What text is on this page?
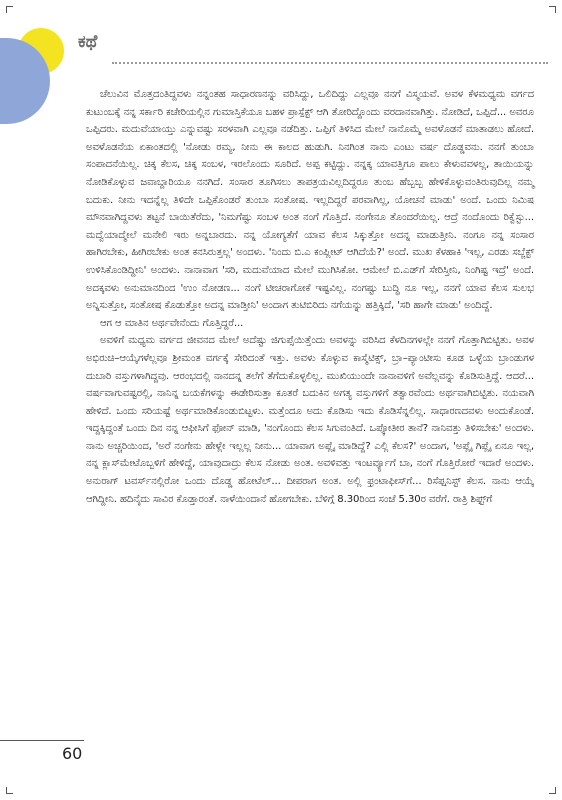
ಕಥೆ

ಚೆಲುವಿನ ಮೊತ್ತದಂತಿದ್ದವಳು ನನ್ನಂತಹ ಸಾಧಾರಣನನ್ನು ವರಿಸಿದ್ದು, ಒಲಿದಿದ್ದು ಎಲ್ಲವೂ ನನಗೆ ವಿಸ್ಮಯವೆ. ಅವಳ ಕೆಳಮಧ್ಯಮ ವರ್ಗದ ಕುಟುಂಬಕ್ಕೆ ನನ್ನ ಸರ್ಕಾರಿ ಕಚೇರಿಯಲ್ಲಿನ ಗುಮಾಸ್ತಿಕೆಯೂ ಬಹಳ ಪ್ರಾಸ್ಪೆಕ್ಟ್ ಆಗಿ ತೋರಿದ್ದೊಂದು ವರದಾನವಾಗಿತ್ತು. ನೋಡಿದೆ, ಒಪ್ಪಿದೆ... ಅವರೂ ಒಪ್ಪಿದರು. ಮದುವೆಯಾಯ್ತು ಎನ್ನುವಷ್ಟು ಸರಳವಾಗಿ ಎಲ್ಲವೂ ನಡೆದಿತ್ತು. ಒಪ್ಪಿಗೆ ತಿಳಿಸಿದ ಮೇಲೆ ನಾನೊಮ್ಮೆ ಅವಳೊಡನೆ ಮಾತಾಡಲು ಹೋದೆ. ಅವಳೊಡನೆಯ ಏಕಾಂತದಲ್ಲಿ 'ನೋಡು ರಮ್ಯ, ನೀನು ಈ ಕಾಲದ ಹುಡುಗಿ. ನಿನಗಿಂತ ನಾನು ಎಂಟು ವರ್ಷ ದೊಡ್ಡವನು. ನನಗೆ ತುಂಬಾ ಸಂಪಾದನೆಯಿಲ್ಲ. ಚಿಕ್ಕ ಕೆಲಸ, ಚಿಕ್ಕ ಸಂಬಳ, ಇರಲೊಂದು ಸೂರಿದೆ. ಅಪ್ಪ ಕಟ್ಟಿದ್ದು. ನನ್ನಕ್ಕ ಯಾವತ್ತಿಗೂ ಪಾಲು ಕೇಳುವವಳಲ್ಲ, ತಾಯಿಯನ್ನು ನೋಡಿಕೊಳ್ಳುವ ಜವಾಬ್ದಾರಿಯೂ ನನಗಿದೆ. ಸಂಸಾರ ತೂಗಿಸಲು ತಾಪತ್ರಯವಿಲ್ಲದಿದ್ದರೂ ತುಂಬ ಹೆಬ್ಬಬ್ಬ ಹೇಳಿಕೊಳ್ಳುವಂತಿರುವುದಿಲ್ಲ ನಮ್ಮ ಬದುಕು. ನೀನು ಇದನ್ನೆಲ್ಲ ತಿಳಿದೇ ಒಪ್ಪಿಕೊಂಡರೆ ತುಂಬಾ ಸಂತೋಷ. ಇಲ್ಲದಿದ್ದರೆ ಪರವಾಗಿಲ್ಲ, ಯೋಚನೆ ಮಾಡು' ಅಂದೆ. ಒಂದು ನಿಮಿಷ ಮೌನವಾಗಿದ್ದವಳು ತಟ್ಟನೆ ಬಾಯಿತೆರೆದು, 'ನಿಮಗೆಷ್ಟು ಸಂಬಳ ಅಂತ ನಂಗೆ ಗೊತ್ತಿದೆ. ನಂಗೇನೂ ತೊಂದರೆಯಿಲ್ಲ. ಆದ್ರೆ ನಂದೊಂದು ರಿಕ್ವೆಸ್ಟು... ಮದ್ವೆಯಾದ್ಮೇಲೆ ಮನೇಲಿ ಇರು ಅನ್ನಬಾರದು. ನನ್ನ ಯೋಗ್ಯತೆಗೆ ಯಾವ ಕೆಲಸ ಸಿಕ್ಕುತ್ತೋ ಅದನ್ನ ಮಾಡುತ್ತೀನಿ. ನಂಗೂ ನನ್ನ ಸಂಸಾರ ಹಾಗಿರಬೇಕು, ಹೀಗಿರಬೇಕು ಅಂತ ಕನಸಿರುತ್ತಲ್ಲ' ಅಂದಳು. 'ನಿಂದು ಬಿ.ಎ ಕಂಪ್ಲೀಟ್ ಆಗಿದೆಯೆ?' ಅಂದೆ. ಮುಖ ಕೆಳಹಾಕಿ 'ಇಲ್ಲ, ಎರಡು ಸಬ್ಜೆಕ್ಟ್ ಉಳಿಸಿಕೊಂಡಿದ್ದೀನಿ' ಅಂದಳು. ನಾನಾವಾಗ 'ಸರಿ, ಮದುವೆಯಾದ ಮೇಲೆ ಮುಗಿಸಿಕೋ. ಆಮೇಲೆ ಬಿ.ಎಡ್‌ಗೆ ಸೇರಿಸ್ತೀನಿ, ನಿಂಗಿಷ್ಟ ಇದ್ರೆ' ಅಂದೆ. ಅದಕ್ಕವಳು ಅನುಮಾನದಿಂದ 'ಉಂ ನೋಡಣ... ನಂಗೆ ಟೀಚರಾಗೋಕೆ ಇಷ್ಟವಿಲ್ಲ. ನಂಗಷ್ಟು ಬುದ್ಧಿ ನೂ ಇಲ್ಲ, ನನಗೆ ಯಾವ ಕೆಲಸ ಸುಲಭ ಅನ್ನಿಸುತ್ತೋ, ಸಂತೋಷ ಕೊಡುತ್ತೋ ಅದನ್ನ ಮಾಡ್ತೀನಿ' ಅಂದಾಗ ತುಟಿಬಿರಿದು ನಗೆಯನ್ನು ಹತ್ತಿಕ್ಕಿದೆ, 'ಸರಿ ಹಾಗೇ ಮಾಡು' ಅಂದಿದ್ದೆ.

ಆಗ ಆ ಮಾತಿನ ಅರ್ಥವೇನೆಂದು ಗೊತ್ತಿದ್ದರೆ...

ಅವಳಿಗೆ ಮಧ್ಯಮ ವರ್ಗದ ಜೀವನದ ಮೇಲೆ ಅದೆಷ್ಟು ಜಿಗುಪ್ಸೆಯಿತ್ತೆಂದು ಅವಳನ್ನು ವರಿಸಿದ ಕೆಳದಿನಗಳಲ್ಲೇ ನನಗೆ ಗೊತ್ತಾಗಿಬಿಟ್ಟಿತು. ಅವಳ ಅಭಿರುಚಿ–ಆಯ್ಕೆಗಳೆಲ್ಲವೂ ಶ್ರೀಮಂತ ವರ್ಗಕ್ಕೆ ಸೇರಿದಂತೆ ಇತ್ತು. ಅವಳು ಕೊಳ್ಳುವ ಕಾಸ್ಮೆಟಿಕ್ಸ್, ಬ್ರಾ–ಪ್ಯಾಂಟೀಸು ಕೂಡ ಒಳ್ಳೆಯ ಬ್ರಾಂಡುಗಳ ದುಬಾರಿ ವಸ್ತುಗಳಾಗಿದ್ದವು. ಆರಂಭದಲ್ಲಿ ನಾನದನ್ನ ತಲೆಗೆ ತೆಗೆದುಕೊಳ್ಳಲಿಲ್ಲ. ಮುಖಿಯುಂದೇ ನಾನಾವಳಿಗೆ ಅವೆಲ್ಲವನ್ನು ಕೊಡಿಸುತ್ತಿದ್ದೆ. ಆದರೆ... ವರ್ಷವಾಗುವಷ್ಟರಲ್ಲಿ, ನಾನಿನ್ನ ಬಯಕೆಗಳನ್ನು ಈಡೇರಿಸುತ್ತಾ ಕೂತರೆ ಬದುಕಿನ ಅಗತ್ಯ ವಸ್ತುಗಳಿಗೆ ತತ್ವಾರವೆಂದು ಅರ್ಥವಾಗಿಬಿಟ್ಟಿತು. ನಯವಾಗಿ ಹೇಳಿದೆ. ಒಂದು ಸರಿಯಷ್ಟೆ ಅರ್ಥಮಾಡಿಕೊಂಡುಬಿಟ್ಟಳು. ಮತ್ತೆಂದೂ ಅದು ಕೊಡಿಸು ಇದು ಕೊಡಿಸೆನ್ನಲಿಲ್ಲ. ಸಾಧಾರಣದವಳು ಅಂದುಕೊಂಡೆ. ಇದ್ದಕ್ಕಿದ್ದಂತೆ ಒಂದು ದಿನ ನನ್ನ ಆಫೀಸಿಗೆ ಫೋನ್ ಮಾಡಿ, 'ನಂಗೊಂದು ಕೆಲಸ ಸಿಗುವಂತಿದೆ. ಒಪ್ಕೋತೀರ ತಾನೆ? ನಾನಿವತ್ತು ತಿಳಿಸಬೇಕು' ಅಂದಳು. ನಾನು ಅಚ್ಚರಿಯಿಂದ, 'ಅರೆ ನಂಗೇನು ಹೇಳ್ಲೇ ಇಲ್ಲಲ್ಲ ನೀನು... ಯಾವಾಗ ಅಪ್ಲೈ ಮಾಡಿದ್ದೆ? ಎಲ್ಲಿ ಕೆಲಸ?' ಅಂದಾಗ, 'ಅಪ್ಲೈ ಗಿಪ್ಲೈ ಏನೂ ಇಲ್ಲ, ನನ್ನ ಕ್ಲಾಸ್‌ಮೇಟೊಬ್ಬಳಿಗೆ ಹೇಳಿದ್ದೆ, ಯಾವುದಾದ್ರು ಕೆಲಸ ನೋಡು ಅಂತ. ಅವಳಿವತ್ತು ಇಂಟರ್ವ್ಯೂಗೆ ಬಾ, ನಂಗೆ ಗೊತ್ತಿರೋರೆ ಇದಾರೆ ಅಂದಳು. ಅನುರಾಗ್ ಟವರ್ಸ್‌ನಲ್ಲಿರೋ ಒಂದು ದೊಡ್ಡ ಹೋಟೆಲ್... ದೀಪರಾಗ ಅಂತ. ಅಲ್ಲಿ ಫ್ರಂಟಾಫೀಸ್‌ಗೆ... ರಿಸೆಪ್ಷನಿಸ್ಟ್ ಕೆಲಸ. ನಾನು ಆಯ್ಕೆ ಆಗಿದ್ದೀನಿ. ಹದಿನೈದು ಸಾವಿರ ಕೊಡ್ತಾರಂತೆ. ನಾಳೆಯಿಂದಾನೆ ಹೋಗಬೇಕು. ಬೆಳಿಗ್ಗೆ 8.30ರಿಂದ ಸಂಜೆ 5.30ರ ವರೆಗೆ. ರಾತ್ರಿ ಶಿಫ್ಟ್‌ಗೆ

60
